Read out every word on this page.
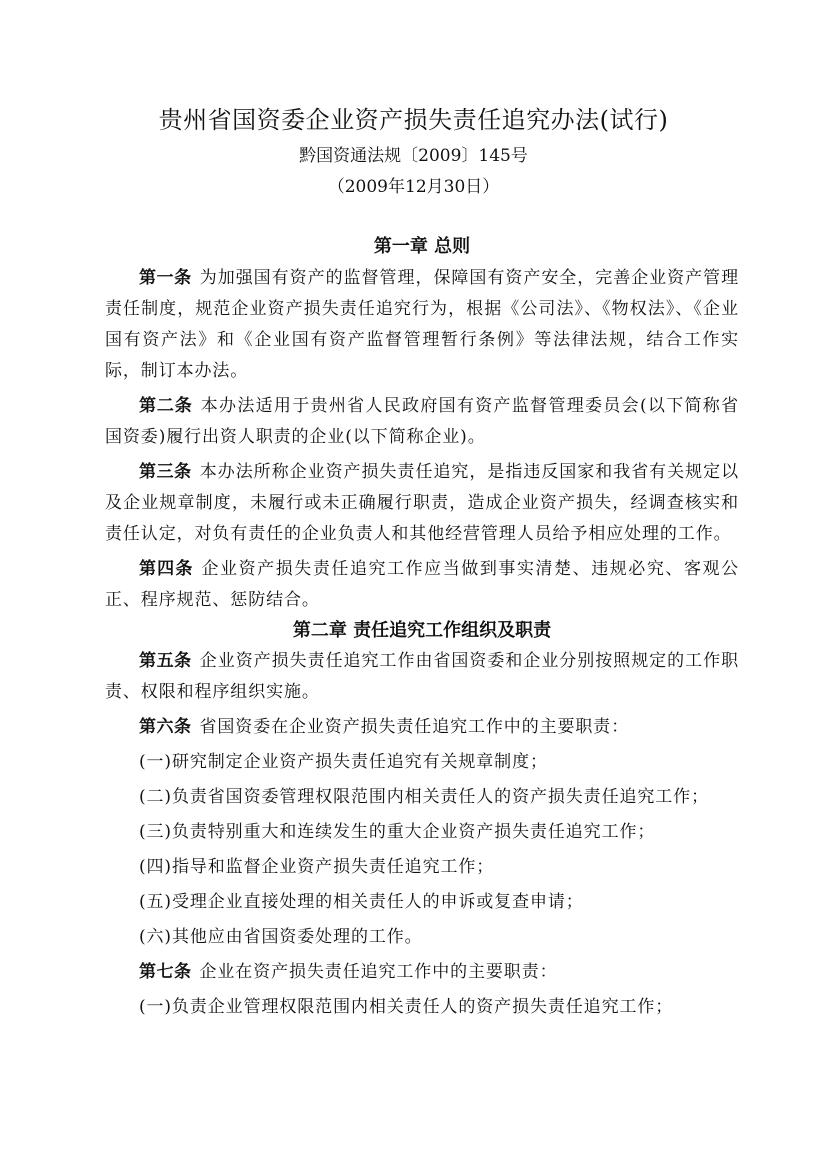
贵州省国资委企业资产损失责任追究办法(试行)
黔国资通法规〔2009〕145号
（2009年12月30日）
第一章 总则

第一条 为加强国有资产的监督管理，保障国有资产安全，完善企业资产管理责任制度，规范企业资产损失责任追究行为，根据《公司法》、《物权法》、《企业国有资产法》和《企业国有资产监督管理暂行条例》等法律法规，结合工作实际，制订本办法。

第二条 本办法适用于贵州省人民政府国有资产监督管理委员会(以下简称省国资委)履行出资人职责的企业(以下简称企业)。

第三条 本办法所称企业资产损失责任追究，是指违反国家和我省有关规定以及企业规章制度，未履行或未正确履行职责，造成企业资产损失，经调查核实和责任认定，对负有责任的企业负责人和其他经营管理人员给予相应处理的工作。

第四条 企业资产损失责任追究工作应当做到事实清楚、违规必究、客观公正、程序规范、惩防结合。

第二章 责任追究工作组织及职责

第五条 企业资产损失责任追究工作由省国资委和企业分别按照规定的工作职责、权限和程序组织实施。

第六条 省国资委在企业资产损失责任追究工作中的主要职责：

(一)研究制定企业资产损失责任追究有关规章制度；

(二)负责省国资委管理权限范围内相关责任人的资产损失责任追究工作；

(三)负责特别重大和连续发生的重大企业资产损失责任追究工作；

(四)指导和监督企业资产损失责任追究工作；

(五)受理企业直接处理的相关责任人的申诉或复查申请；

(六)其他应由省国资委处理的工作。

第七条 企业在资产损失责任追究工作中的主要职责：

(一)负责企业管理权限范围内相关责任人的资产损失责任追究工作；
